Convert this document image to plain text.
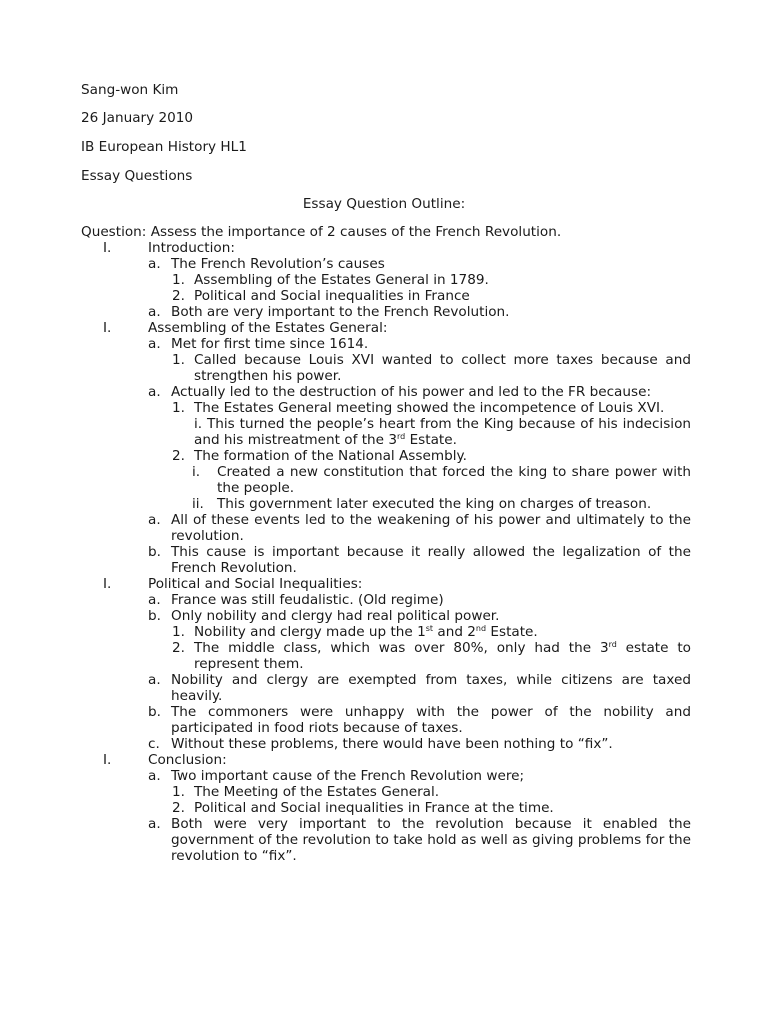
Sang-won Kim
26 January 2010
IB European History HL1
Essay Questions
Essay Question Outline:
Question: Assess the importance of 2 causes of the French Revolution.
I.	Introduction:
a. The French Revolution’s causes
1. Assembling of the Estates General in 1789.
2. Political and Social inequalities in France
a. Both are very important to the French Revolution.
I.	Assembling of the Estates General:
a. Met for first time since 1614.
1. Called because Louis XVI wanted to collect more taxes because and strengthen his power.
a. Actually led to the destruction of his power and led to the FR because:
1. The Estates General meeting showed the incompetence of Louis XVI.
i. This turned the people’s heart from the King because of his indecision and his mistreatment of the 3rd Estate.
2. The formation of the National Assembly.
i. Created a new constitution that forced the king to share power with the people.
ii. This government later executed the king on charges of treason.
a. All of these events led to the weakening of his power and ultimately to the revolution.
b. This cause is important because it really allowed the legalization of the French Revolution.
I.	Political and Social Inequalities:
a. France was still feudalistic. (Old regime)
b. Only nobility and clergy had real political power.
1. Nobility and clergy made up the 1st and 2nd Estate.
2. The middle class, which was over 80%, only had the 3rd estate to represent them.
a. Nobility and clergy are exempted from taxes, while citizens are taxed heavily.
b. The commoners were unhappy with the power of the nobility and participated in food riots because of taxes.
c. Without these problems, there would have been nothing to “fix”.
I.	Conclusion:
a. Two important cause of the French Revolution were;
1. The Meeting of the Estates General.
2. Political and Social inequalities in France at the time.
a. Both were very important to the revolution because it enabled the government of the revolution to take hold as well as giving problems for the revolution to “fix”.
